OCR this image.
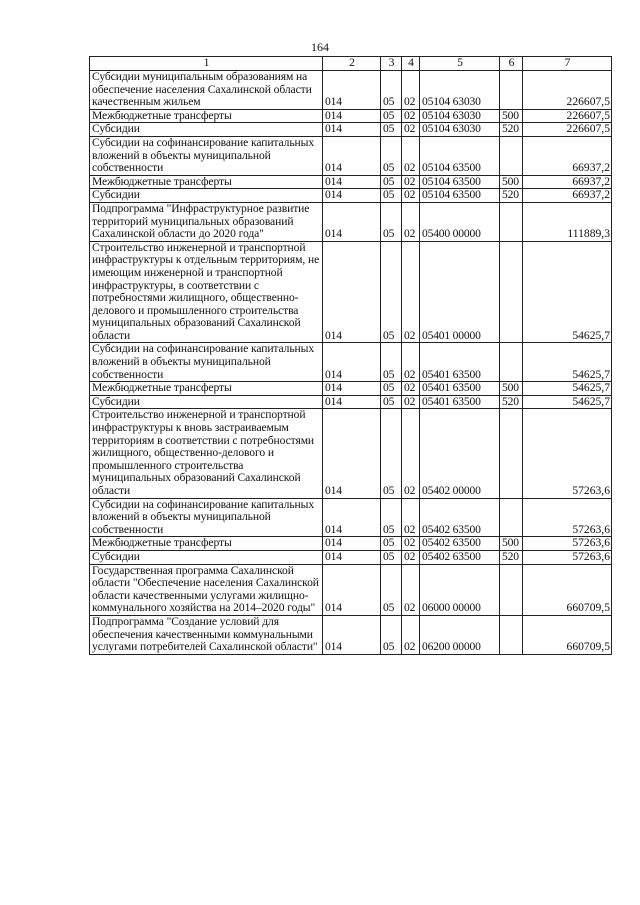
164
1	2	3	4	5	6	7
Субсидии муниципальным образованиям на обеспечение населения Сахалинской области качественным жильем	014	05	02	05104 63030		226607,5
Межбюджетные трансферты	014	05	02	05104 63030	500	226607,5
Субсидии	014	05	02	05104 63030	520	226607,5
Субсидии на софинансирование капитальных вложений в объекты муниципальной собственности	014	05	02	05104 63500		66937,2
Межбюджетные трансферты	014	05	02	05104 63500	500	66937,2
Субсидии	014	05	02	05104 63500	520	66937,2
Подпрограмма "Инфраструктурное развитие территорий муниципальных образований Сахалинской области до 2020 года"	014	05	02	05400 00000		111889,3
Строительство инженерной и транспортной инфраструктуры к отдельным территориям, не имеющим инженерной и транспортной инфраструктуры, в соответствии с потребностями жилищного, общественно-делового и промышленного строительства муниципальных образований Сахалинской области	014	05	02	05401 00000		54625,7
Субсидии на софинансирование капитальных вложений в объекты муниципальной собственности	014	05	02	05401 63500		54625,7
Межбюджетные трансферты	014	05	02	05401 63500	500	54625,7
Субсидии	014	05	02	05401 63500	520	54625,7
Строительство инженерной и транспортной инфраструктуры к вновь застраиваемым территориям в соответствии с потребностями жилищного, общественно-делового и промышленного строительства муниципальных образований Сахалинской области	014	05	02	05402 00000		57263,6
Субсидии на софинансирование капитальных вложений в объекты муниципальной собственности	014	05	02	05402 63500		57263,6
Межбюджетные трансферты	014	05	02	05402 63500	500	57263,6
Субсидии	014	05	02	05402 63500	520	57263,6
Государственная программа Сахалинской области "Обеспечение населения Сахалинской области качественными услугами жилищно-коммунального хозяйства на 2014–2020 годы"	014	05	02	06000 00000		660709,5
Подпрограмма "Создание условий для обеспечения качественными коммунальными услугами потребителей Сахалинской области"	014	05	02	06200 00000		660709,5
